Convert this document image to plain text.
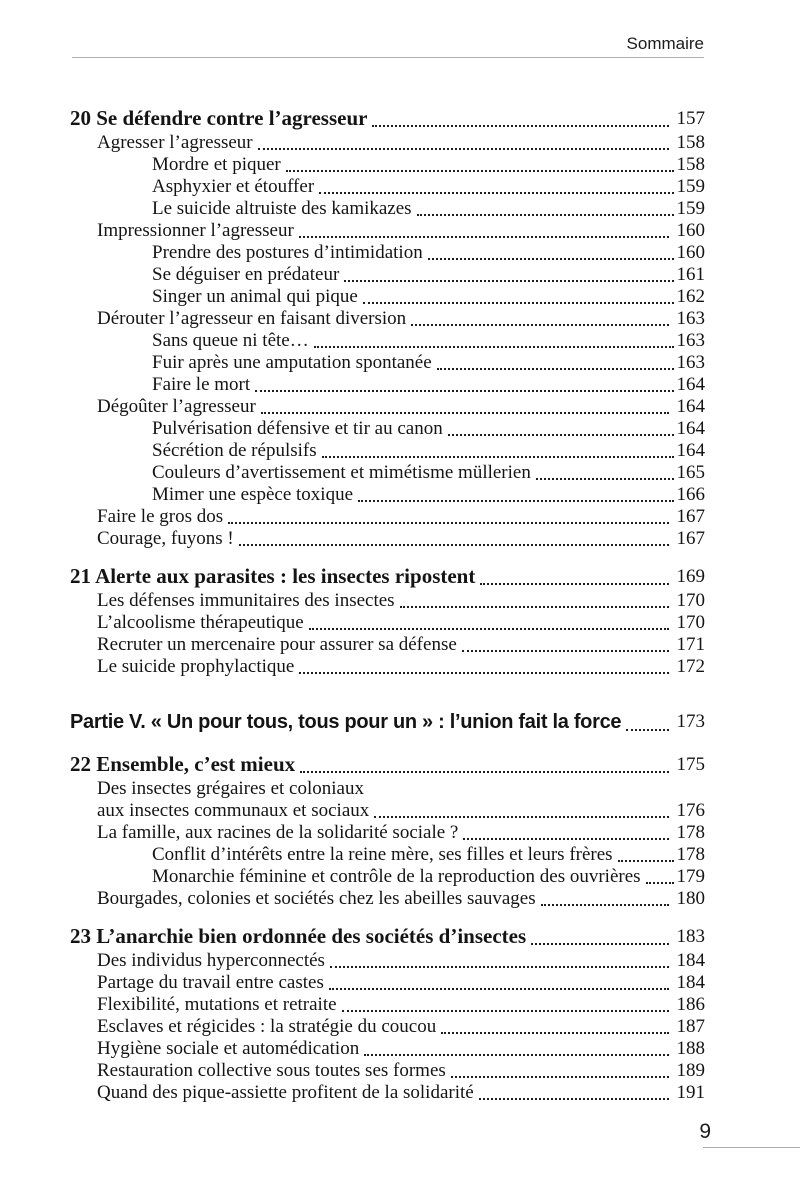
Sommaire
20 Se défendre contre l’agresseur	157
Agresser l’agresseur	158
Mordre et piquer	158
Asphyxier et étouffer	159
Le suicide altruiste des kamikazes	159
Impressionner l’agresseur	160
Prendre des postures d’intimidation	160
Se déguiser en prédateur	161
Singer un animal qui pique	162
Dérouter l’agresseur en faisant diversion	163
Sans queue ni tête…	163
Fuir après une amputation spontanée	163
Faire le mort	164
Dégoûter l’agresseur	164
Pulvérisation défensive et tir au canon	164
Sécrétion de répulsifs	164
Couleurs d’avertissement et mimétisme müllerien	165
Mimer une espèce toxique	166
Faire le gros dos	167
Courage, fuyons !	167
21 Alerte aux parasites : les insectes ripostent	169
Les défenses immunitaires des insectes	170
L’alcoolisme thérapeutique	170
Recruter un mercenaire pour assurer sa défense	171
Le suicide prophylactique	172
Partie V. « Un pour tous, tous pour un » : l’union fait la force	173
22 Ensemble, c’est mieux	175
Des insectes grégaires et coloniaux
aux insectes communaux et sociaux	176
La famille, aux racines de la solidarité sociale ?	178
Conflit d’intérêts entre la reine mère, ses filles et leurs frères	178
Monarchie féminine et contrôle de la reproduction des ouvrières 179
Bourgades, colonies et sociétés chez les abeilles sauvages	180
23 L’anarchie bien ordonnée des sociétés d’insectes	183
Des individus hyperconnectés	184
Partage du travail entre castes	184
Flexibilité, mutations et retraite	186
Esclaves et régicides : la stratégie du coucou	187
Hygiène sociale et automédication	188
Restauration collective sous toutes ses formes	189
Quand des pique-assiette profitent de la solidarité	191
9
